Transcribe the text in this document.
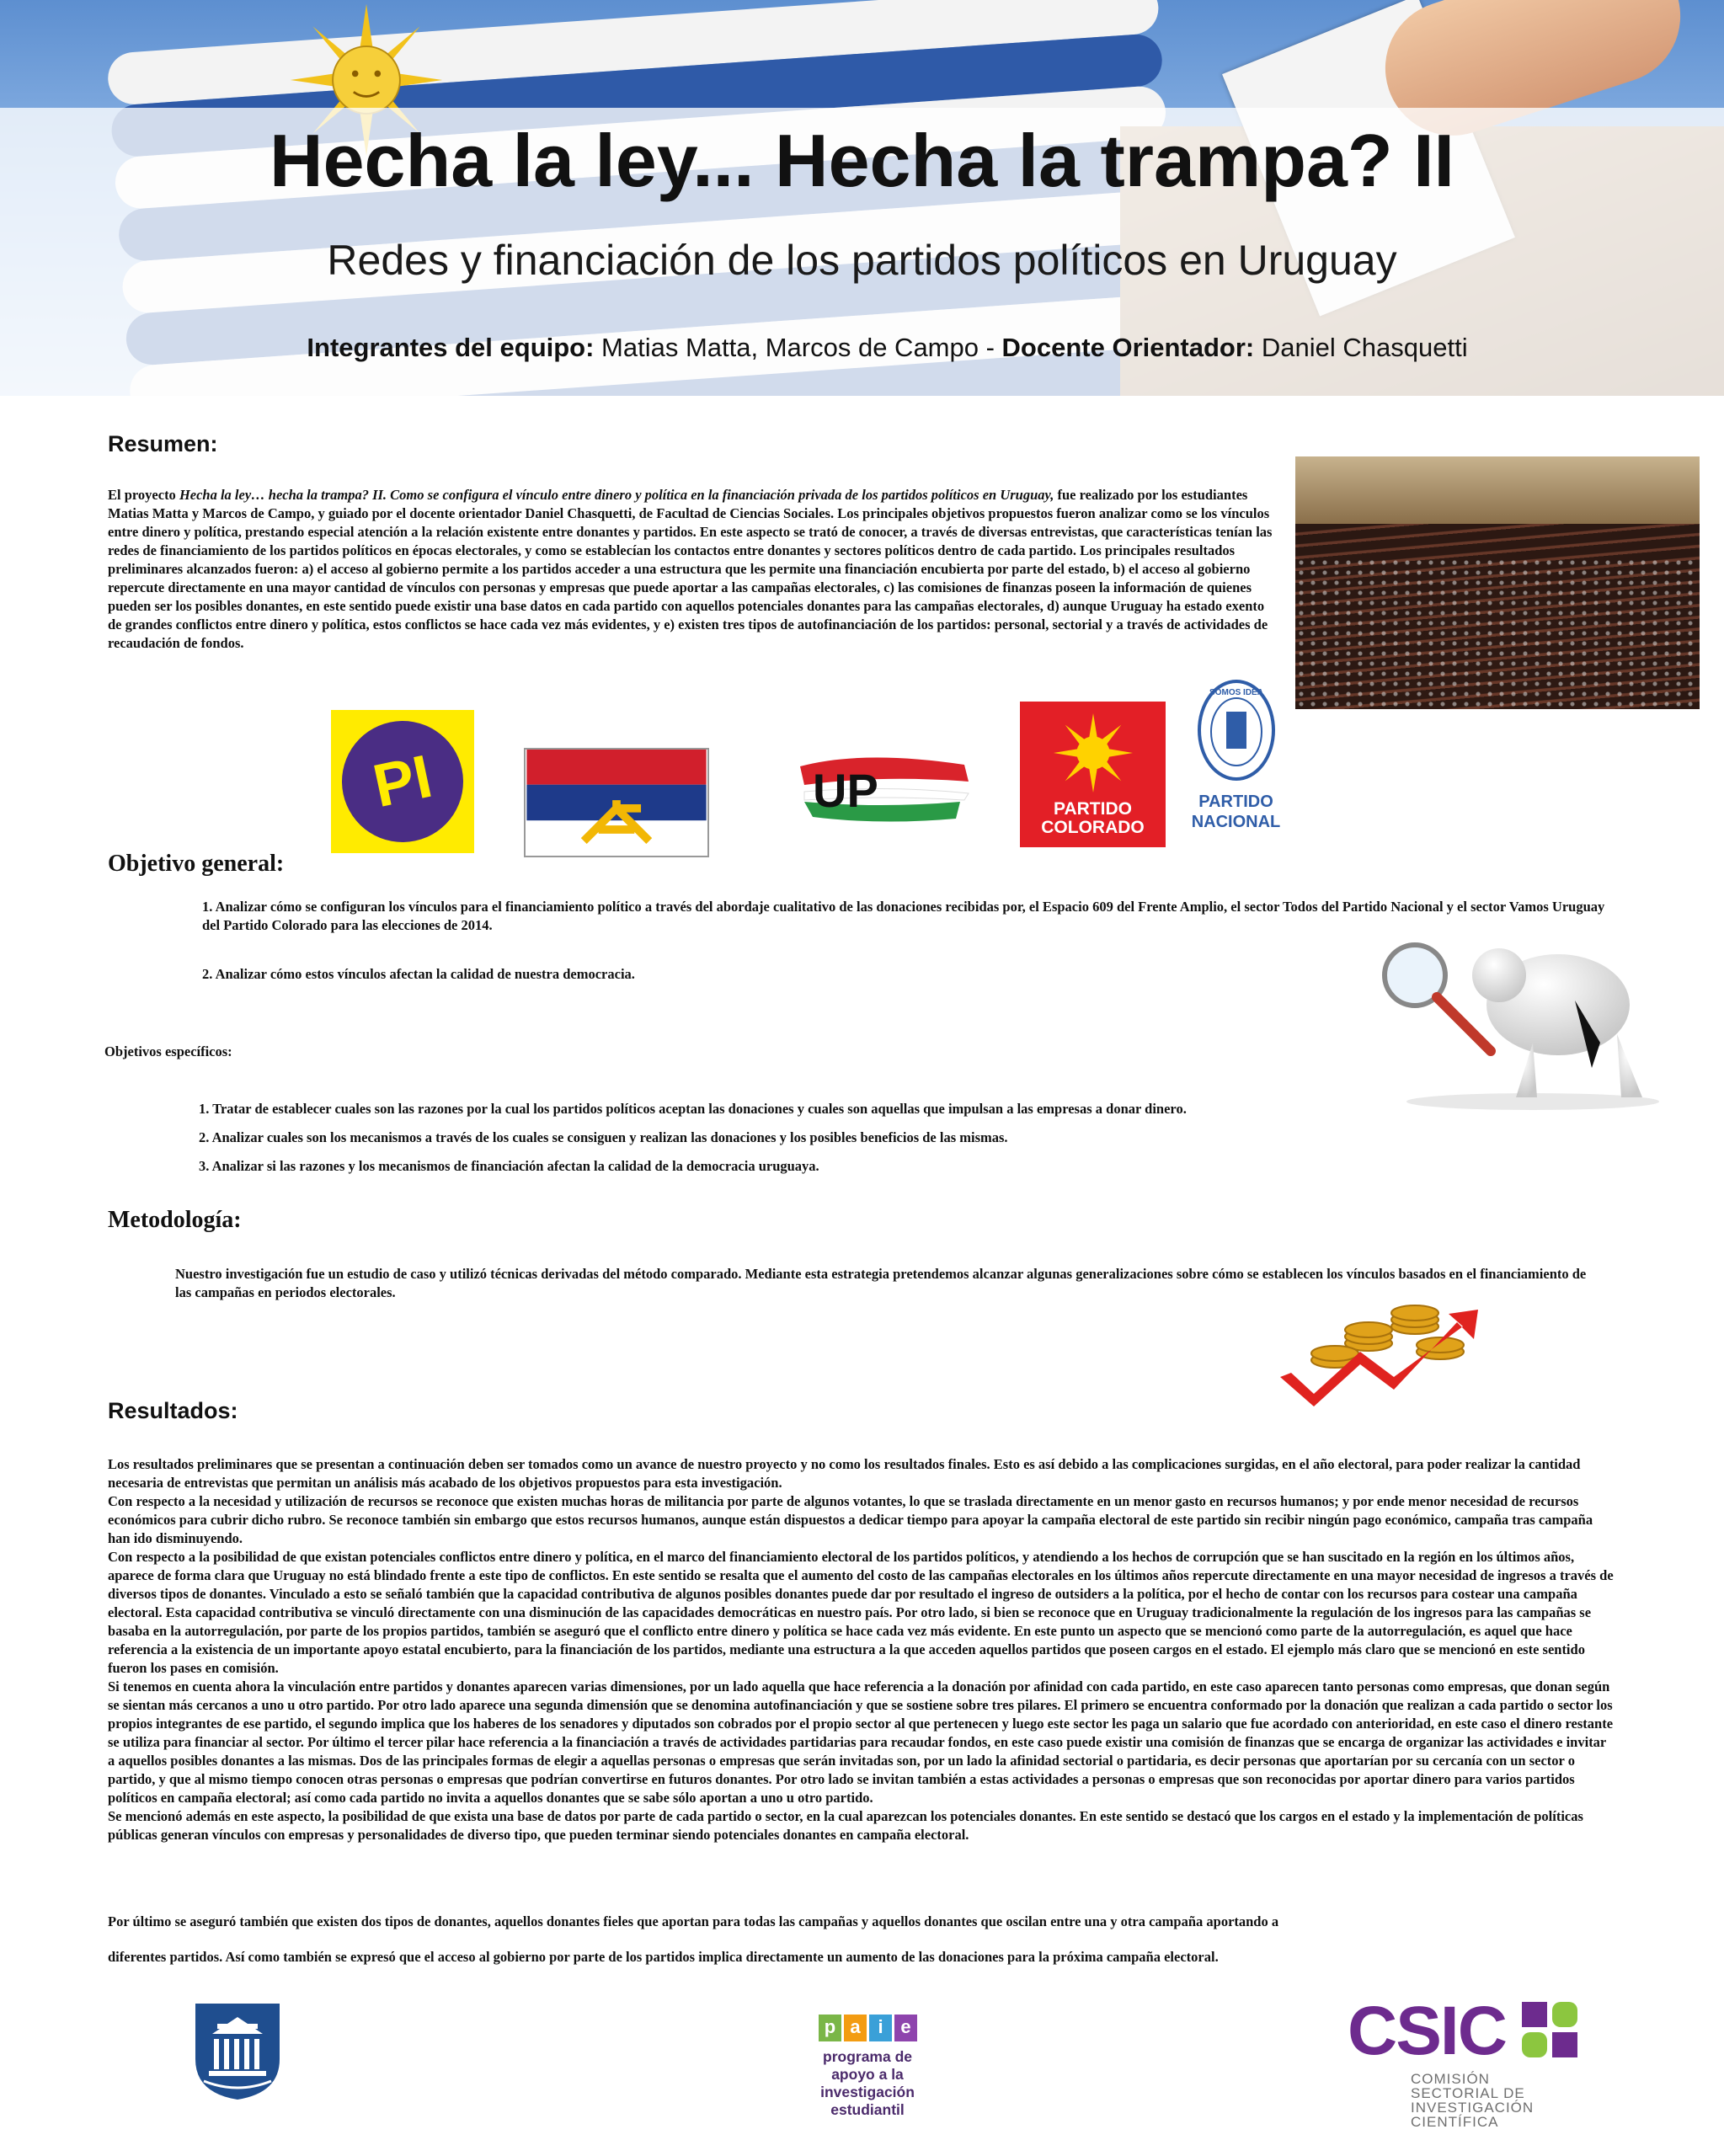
Hecha la ley... Hecha la trampa? II
Redes y financiación de los partidos políticos en Uruguay
Integrantes del equipo: Matias Matta, Marcos de Campo - Docente Orientador: Daniel Chasquetti
Resumen:
El proyecto Hecha la ley… hecha la trampa? II. Como se configura el vínculo entre dinero y política en la financiación privada de los partidos políticos en Uruguay, fue realizado por los estudiantes Matias Matta y Marcos de Campo, y guiado por el docente orientador Daniel Chasquetti, de Facultad de Ciencias Sociales. Los principales objetivos propuestos fueron analizar como se los vínculos entre dinero y política, prestando especial atención a la relación existente entre donantes y partidos. En este aspecto se trató de conocer, a través de diversas entrevistas, que características tenían las redes de financiamiento de los partidos políticos en épocas electorales, y como se establecían los contactos entre donantes y sectores políticos dentro de cada partido. Los principales resultados preliminares alcanzados fueron: a) el acceso al gobierno permite a los partidos acceder a una estructura que les permite una financiación encubierta por parte del estado, b) el acceso al gobierno repercute directamente en una mayor cantidad de vínculos con personas y empresas que puede aportar a las campañas electorales, c) las comisiones de finanzas poseen la información de quienes pueden ser los posibles donantes, en este sentido puede existir una base datos en cada partido con aquellos potenciales donantes para las campañas electorales, d) aunque Uruguay ha estado exento de grandes conflictos entre dinero y política, estos conflictos se hace cada vez más evidentes, y e) existen tres tipos de autofinanciación de los partidos: personal, sectorial y a través de actividades de recaudación de fondos.
PI	UP	PARTIDO COLORADO
SOMOS IDEA
PARTIDO NACIONAL
Objetivo general:
1. Analizar cómo se configuran los vínculos para el financiamiento político a través del abordaje cualitativo de las donaciones recibidas por, el Espacio 609 del Frente Amplio, el sector Todos del Partido Nacional y el sector Vamos Uruguay del Partido Colorado para las elecciones de 2014.
2. Analizar cómo estos vínculos afectan la calidad de nuestra democracia.
Objetivos específicos:
1. Tratar de establecer cuales son las razones por la cual los partidos políticos aceptan las donaciones y cuales son aquellas que impulsan a las empresas a donar dinero.
2. Analizar cuales son los mecanismos a través de los cuales se consiguen y realizan las donaciones y los posibles beneficios de las mismas.
3. Analizar si las razones y los mecanismos de financiación afectan la calidad de la democracia uruguaya.
Metodología:
Nuestro investigación fue un estudio de caso y utilizó técnicas derivadas del método comparado. Mediante esta estrategia pretendemos alcanzar algunas generalizaciones sobre cómo se establecen los vínculos basados en el financiamiento de las campañas en periodos electorales.
Resultados:
Los resultados preliminares que se presentan a continuación deben ser tomados como un avance de nuestro proyecto y no como los resultados finales. Esto es así debido a las complicaciones surgidas, en el año electoral, para poder realizar la cantidad necesaria de entrevistas que permitan un análisis más acabado de los objetivos propuestos para esta investigación.
Con respecto a la necesidad y utilización de recursos se reconoce que existen muchas horas de militancia por parte de algunos votantes, lo que se traslada directamente en un menor gasto en recursos humanos; y por ende menor necesidad de recursos económicos para cubrir dicho rubro. Se reconoce también sin embargo que estos recursos humanos, aunque están dispuestos a dedicar tiempo para apoyar la campaña electoral de este partido sin recibir ningún pago económico, campaña tras campaña han ido disminuyendo.
Con respecto a la posibilidad de que existan potenciales conflictos entre dinero y política, en el marco del financiamiento electoral de los partidos políticos, y atendiendo a los hechos de corrupción que se han suscitado en la región en los últimos años, aparece de forma clara que Uruguay no está blindado frente a este tipo de conflictos. En este sentido se resalta que el aumento del costo de las campañas electorales en los últimos años repercute directamente en una mayor necesidad de ingresos a través de diversos tipos de donantes. Vinculado a esto se señaló también que la capacidad contributiva de algunos posibles donantes puede dar por resultado el ingreso de outsiders a la política, por el hecho de contar con los recursos para costear una campaña electoral. Esta capacidad contributiva se vinculó directamente con una disminución de las capacidades democráticas en nuestro país. Por otro lado, si bien se reconoce que en Uruguay tradicionalmente la regulación de los ingresos para las campañas se basaba en la autorregulación, por parte de los propios partidos, también se aseguró que el conflicto entre dinero y política se hace cada vez más evidente. En este punto un aspecto que se mencionó como parte de la autorregulación, es aquel que hace referencia a la existencia de un importante apoyo estatal encubierto, para la financiación de los partidos, mediante una estructura a la que acceden aquellos partidos que poseen cargos en el estado. El ejemplo más claro que se mencionó en este sentido fueron los pases en comisión.
Si tenemos en cuenta ahora la vinculación entre partidos y donantes aparecen varias dimensiones, por un lado aquella que hace referencia a la donación por afinidad con cada partido, en este caso aparecen tanto personas como empresas, que donan según se sientan más cercanos a uno u otro partido. Por otro lado aparece una segunda dimensión que se denomina autofinanciación y que se sostiene sobre tres pilares. El primero se encuentra conformado por la donación que realizan a cada partido o sector los propios integrantes de ese partido, el segundo implica que los haberes de los senadores y diputados son cobrados por el propio sector al que pertenecen y luego este sector les paga un salario que fue acordado con anterioridad, en este caso el dinero restante se utiliza para financiar al sector. Por último el tercer pilar hace referencia a la financiación a través de actividades partidarias para recaudar fondos, en este caso puede existir una comisión de finanzas que se encarga de organizar las actividades e invitar a aquellos posibles donantes a las mismas. Dos de las principales formas de elegir a aquellas personas o empresas que serán invitadas son, por un lado la afinidad sectorial o partidaria, es decir personas que aportarían por su cercanía con un sector o partido, y que al mismo tiempo conocen otras personas o empresas que podrían convertirse en futuros donantes. Por otro lado se invitan también a estas actividades a personas o empresas que son reconocidas por aportar dinero para varios partidos políticos en campaña electoral; así como cada partido no invita a aquellos donantes que se sabe sólo aportan a uno u otro partido.
Se mencionó además en este aspecto, la posibilidad de que exista una base de datos por parte de cada partido o sector, en la cual aparezcan los potenciales donantes. En este sentido se destacó que los cargos en el estado y la implementación de políticas públicas generan vínculos con empresas y personalidades de diverso tipo, que pueden terminar siendo potenciales donantes en campaña electoral.
Por último se aseguró también que existen dos tipos de donantes, aquellos donantes fieles que aportan para todas las campañas y aquellos donantes que oscilan entre una y otra campaña aportando a
diferentes partidos. Así como también se expresó que el acceso al gobierno por parte de los partidos implica directamente un aumento de las donaciones para la próxima campaña electoral.
p a i e
programa de apoyo a la investigación estudiantil
CSIC
COMISIÓN
SECTORIAL DE
INVESTIGACIÓN
CIENTÍFICA
